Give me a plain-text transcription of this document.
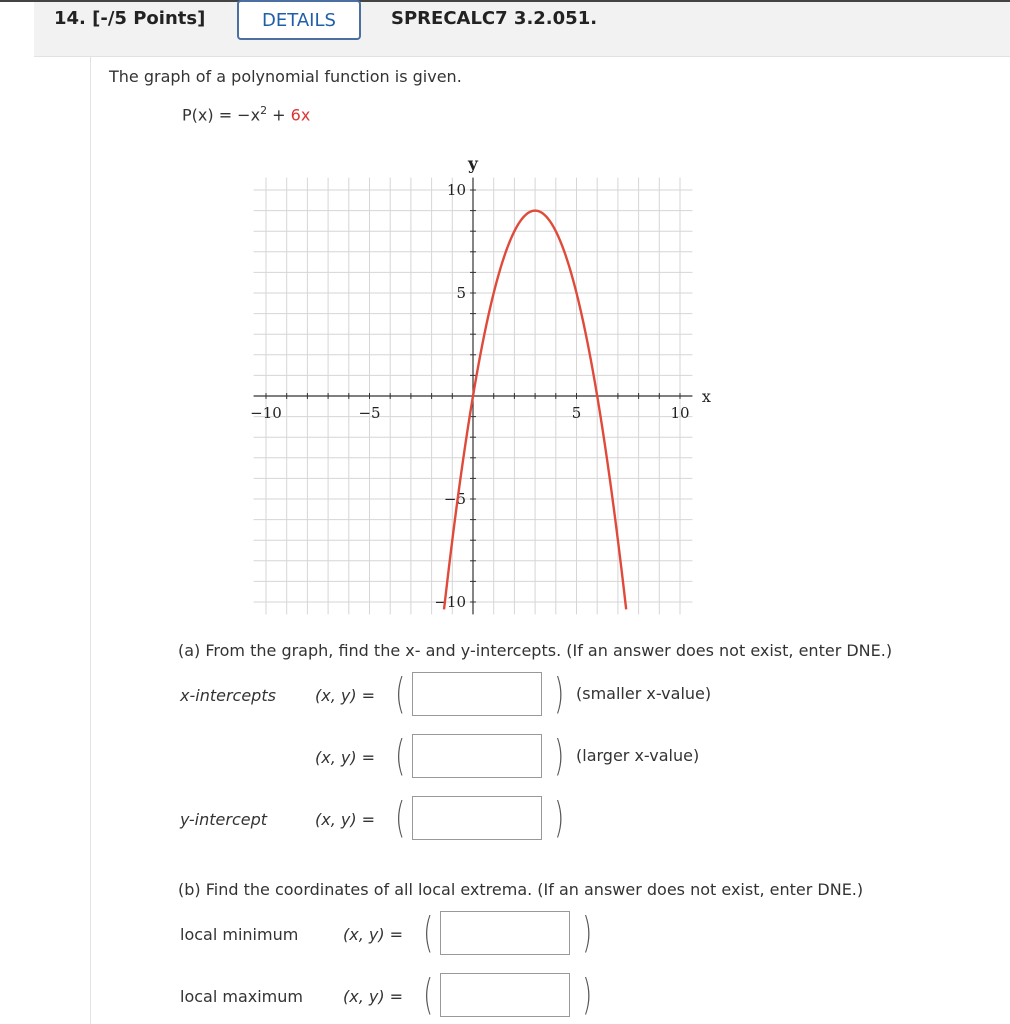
14. [-/5 Points]	DETAILS	SPRECALC7 3.2.051.
The graph of a polynomial function is given.
$P(x) = -x^2 + 6x$
−10	−5	5	10
10
5
−5
−10
x
y
(a) From the graph, find the x- and y-intercepts. (If an answer does not exist, enter DNE.)
x-intercepts (x, y) = (	) (smaller x-value)
(x, y) = (	) (larger x-value)
y-intercept	(x, y) = (	)
(b) Find the coordinates of all local extrema. (If an answer does not exist, enter DNE.)
local minimum	(x, y) = (	)
local maximum	(x, y) = (	)
